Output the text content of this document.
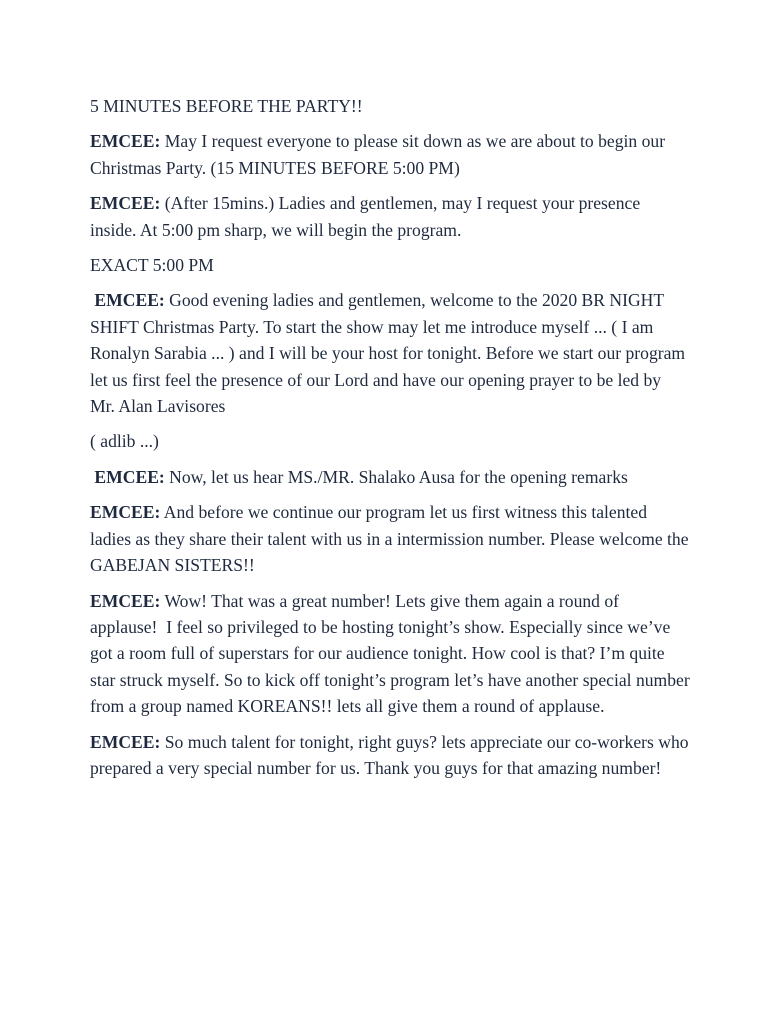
5 MINUTES BEFORE THE PARTY!!

EMCEE: May I request everyone to please sit down as we are about to begin our Christmas Party. (15 MINUTES BEFORE 5:00 PM)

EMCEE: (After 15mins.) Ladies and gentlemen, may I request your presence inside. At 5:00 pm sharp, we will begin the program.

EXACT 5:00 PM

EMCEE: Good evening ladies and gentlemen, welcome to the 2020 BR NIGHT SHIFT Christmas Party. To start the show may let me introduce myself ... ( I am Ronalyn Sarabia ... ) and I will be your host for tonight. Before we start our program let us first feel the presence of our Lord and have our opening prayer to be led by Mr. Alan Lavisores

( adlib ...)

EMCEE: Now, let us hear MS./MR. Shalako Ausa for the opening remarks

EMCEE: And before we continue our program let us first witness this talented ladies as they share their talent with us in a intermission number. Please welcome the GABEJAN SISTERS!!

EMCEE: Wow! That was a great number! Lets give them again a round of applause!  I feel so privileged to be hosting tonight’s show. Especially since we’ve got a room full of superstars for our audience tonight. How cool is that? I’m quite star struck myself. So to kick off tonight’s program let’s have another special number from a group named KOREANS!! lets all give them a round of applause.

EMCEE: So much talent for tonight, right guys? lets appreciate our co-workers who prepared a very special number for us. Thank you guys for that amazing number!
